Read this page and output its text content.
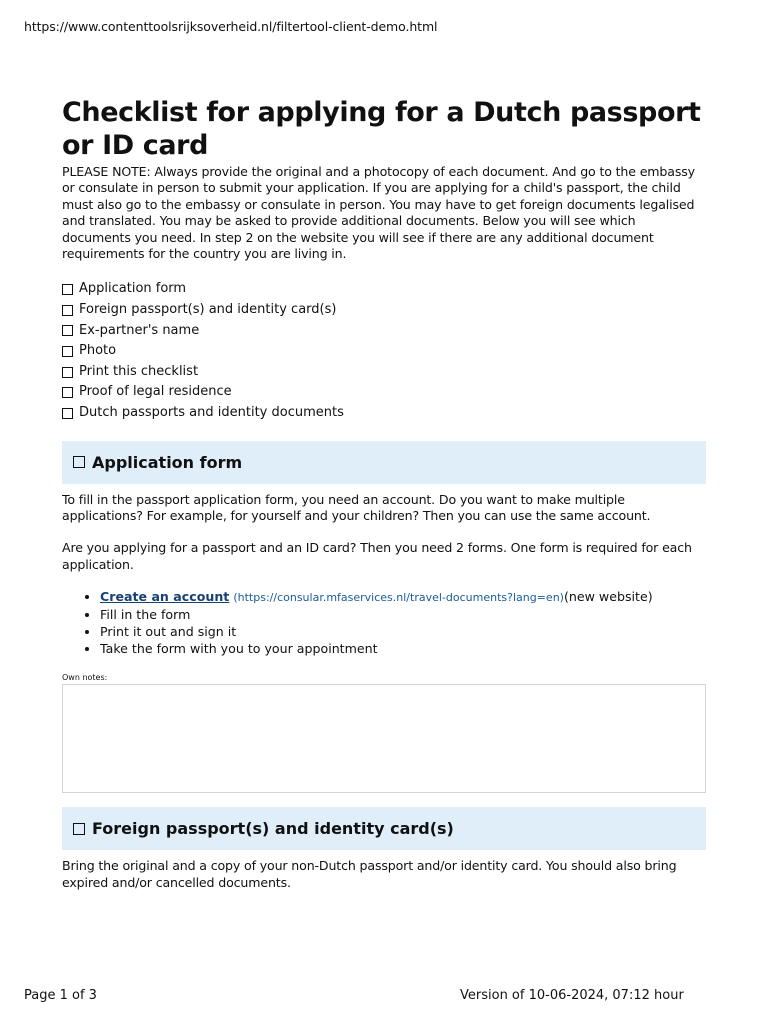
https://www.contenttoolsrijksoverheid.nl/filtertool-client-demo.html
Checklist for applying for a Dutch passport or ID card

PLEASE NOTE: Always provide the original and a photocopy of each document. And go to the embassy or consulate in person to submit your application. If you are applying for a child's passport, the child must also go to the embassy or consulate in person. You may have to get foreign documents legalised and translated. You may be asked to provide additional documents. Below you will see which documents you need. In step 2 on the website you will see if there are any additional document requirements for the country you are living in.

Application form
Foreign passport(s) and identity card(s)
Ex-partner's name
Photo
Print this checklist
Proof of legal residence
Dutch passports and identity documents
Application form

To fill in the passport application form, you need an account. Do you want to make multiple applications? For example, for yourself and your children? Then you can use the same account.

Are you applying for a passport and an ID card? Then you need 2 forms. One form is required for each application.

• Create an account (https://consular.mfaservices.nl/travel-documents?lang=en)(new website)
• Fill in the form
• Print it out and sign it
• Take the form with you to your appointment
Own notes:
Foreign passport(s) and identity card(s)

Bring the original and a copy of your non-Dutch passport and/or identity card. You should also bring expired and/or cancelled documents.

Page 1 of 3	Version of 10-06-2024, 07:12 hour
